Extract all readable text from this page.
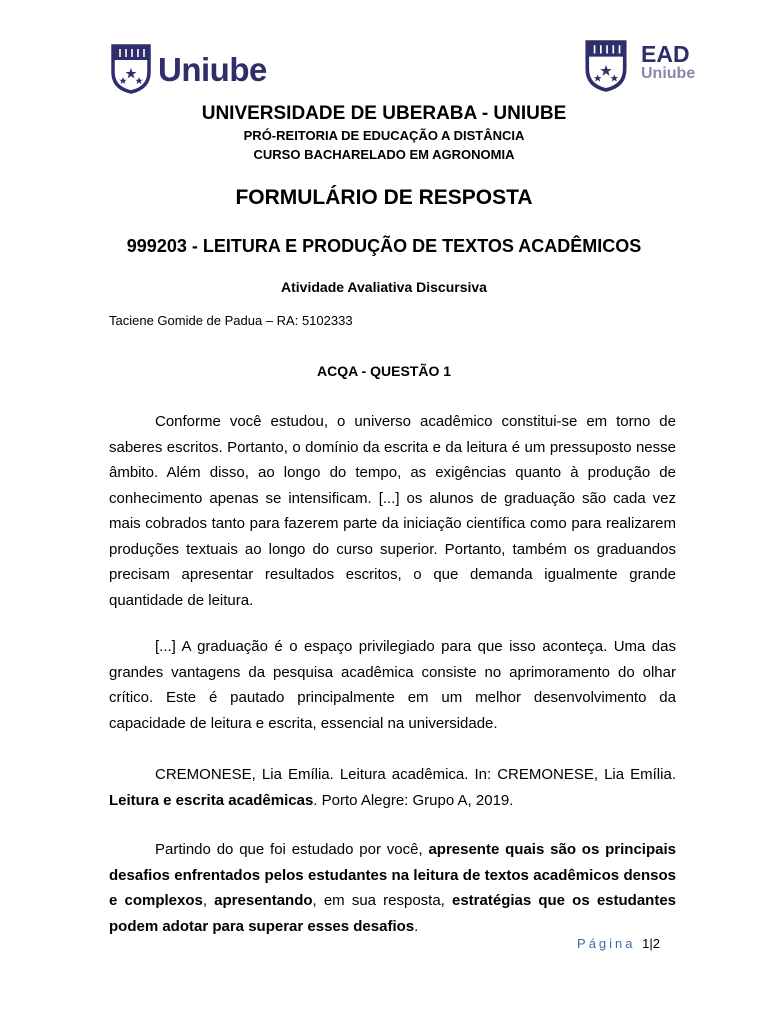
Uniube	EAD
Uniube
UNIVERSIDADE DE UBERABA - UNIUBE
PRÓ-REITORIA DE EDUCAÇÃO A DISTÂNCIA
CURSO BACHARELADO EM AGRONOMIA
FORMULÁRIO DE RESPOSTA
999203 - LEITURA E PRODUÇÃO DE TEXTOS ACADÊMICOS
Atividade Avaliativa Discursiva
Taciene Gomide de Padua – RA: 5102333
ACQA - QUESTÃO 1
Conforme você estudou, o universo acadêmico constitui-se em torno de saberes escritos. Portanto, o domínio da escrita e da leitura é um pressuposto nesse âmbito. Além disso, ao longo do tempo, as exigências quanto à produção de conhecimento apenas se intensificam. [...] os alunos de graduação são cada vez mais cobrados tanto para fazerem parte da iniciação científica como para realizarem produções textuais ao longo do curso superior. Portanto, também os graduandos precisam apresentar resultados escritos, o que demanda igualmente grande quantidade de leitura.
[...] A graduação é o espaço privilegiado para que isso aconteça. Uma das grandes vantagens da pesquisa acadêmica consiste no aprimoramento do olhar crítico. Este é pautado principalmente em um melhor desenvolvimento da capacidade de leitura e escrita, essencial na universidade.
CREMONESE, Lia Emília. Leitura acadêmica. In: CREMONESE, Lia Emília. Leitura e escrita acadêmicas. Porto Alegre: Grupo A, 2019.
Partindo do que foi estudado por você, apresente quais são os principais desafios enfrentados pelos estudantes na leitura de textos acadêmicos densos e complexos, apresentando, em sua resposta, estratégias que os estudantes podem adotar para superar esses desafios.
Página 1|2
